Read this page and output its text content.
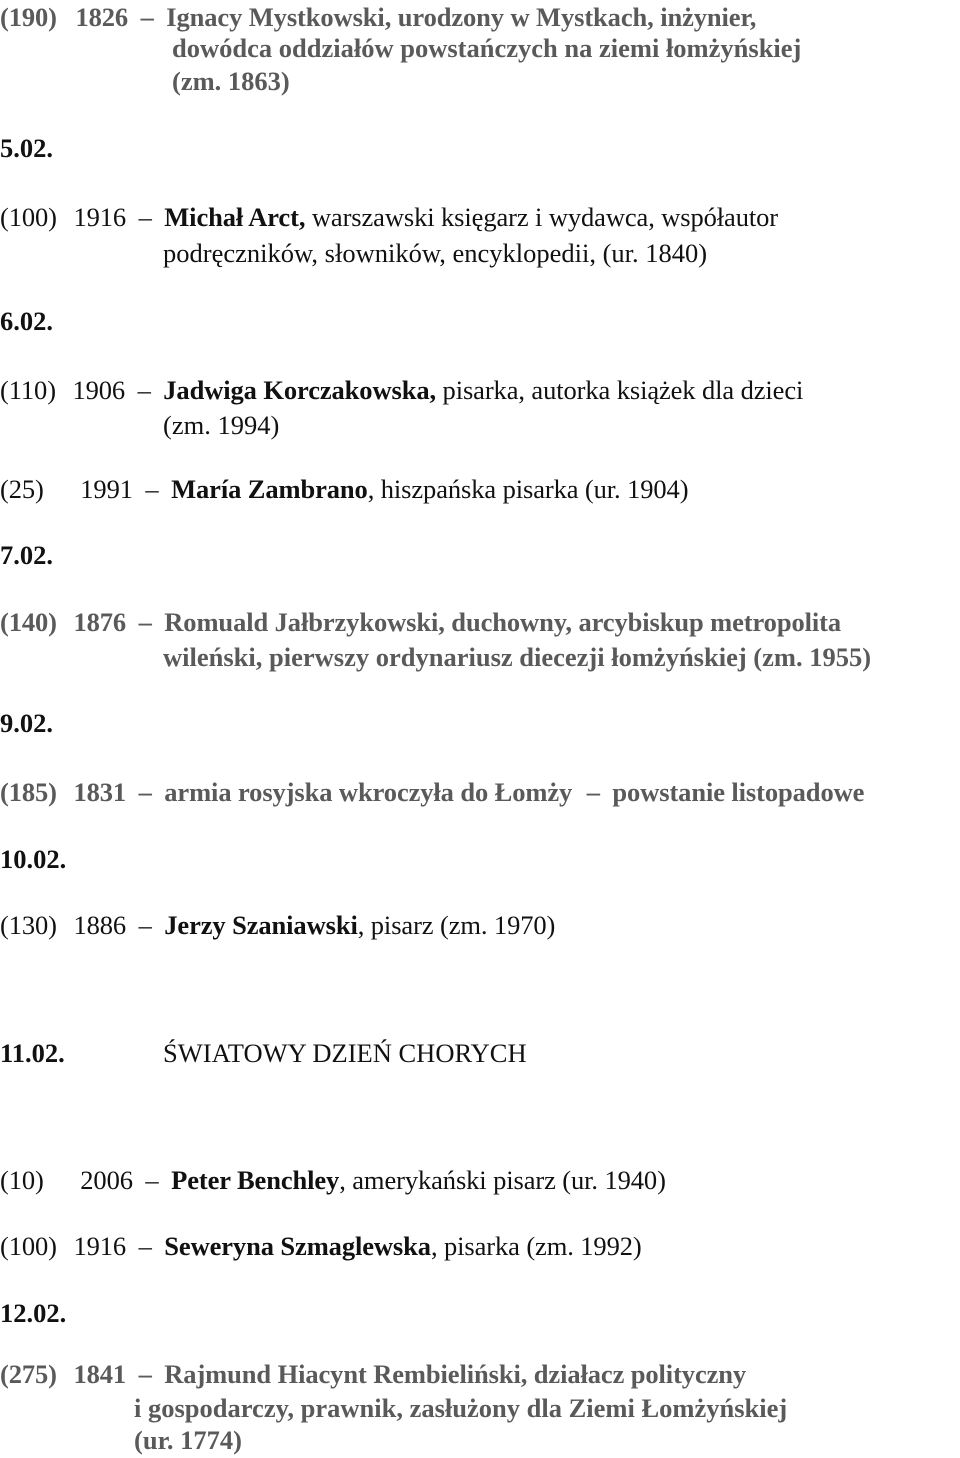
(190) 1826 – Ignacy Mystkowski, urodzony w Mystkach, inżynier,
dowódca oddziałów powstańczych na ziemi łomżyńskiej
(zm. 1863)
5.02.
(100) 1916 – Michał Arct, warszawski księgarz i wydawca, współautor
podręczników, słowników, encyklopedii, (ur. 1840)
6.02.
(110) 1906 – Jadwiga Korczakowska, pisarka, autorka książek dla dzieci
(zm. 1994)
(25) 1991 – María Zambrano, hiszpańska pisarka (ur. 1904)
7.02.
(140) 1876 – Romuald Jałbrzykowski, duchowny, arcybiskup metropolita
wileński, pierwszy ordynariusz diecezji łomżyńskiej (zm. 1955)
9.02.
(185) 1831 – armia rosyjska wkroczyła do Łomży – powstanie listopadowe
10.02.
(130) 1886 – Jerzy Szaniawski, pisarz (zm. 1970)
11.02.	ŚWIATOWY DZIEŃ CHORYCH
(10) 2006 – Peter Benchley, amerykański pisarz (ur. 1940)
(100) 1916 – Seweryna Szmaglewska, pisarka (zm. 1992)
12.02.
(275) 1841 – Rajmund Hiacynt Rembieliński, działacz polityczny
i gospodarczy, prawnik, zasłużony dla Ziemi Łomżyńskiej
(ur. 1774)
